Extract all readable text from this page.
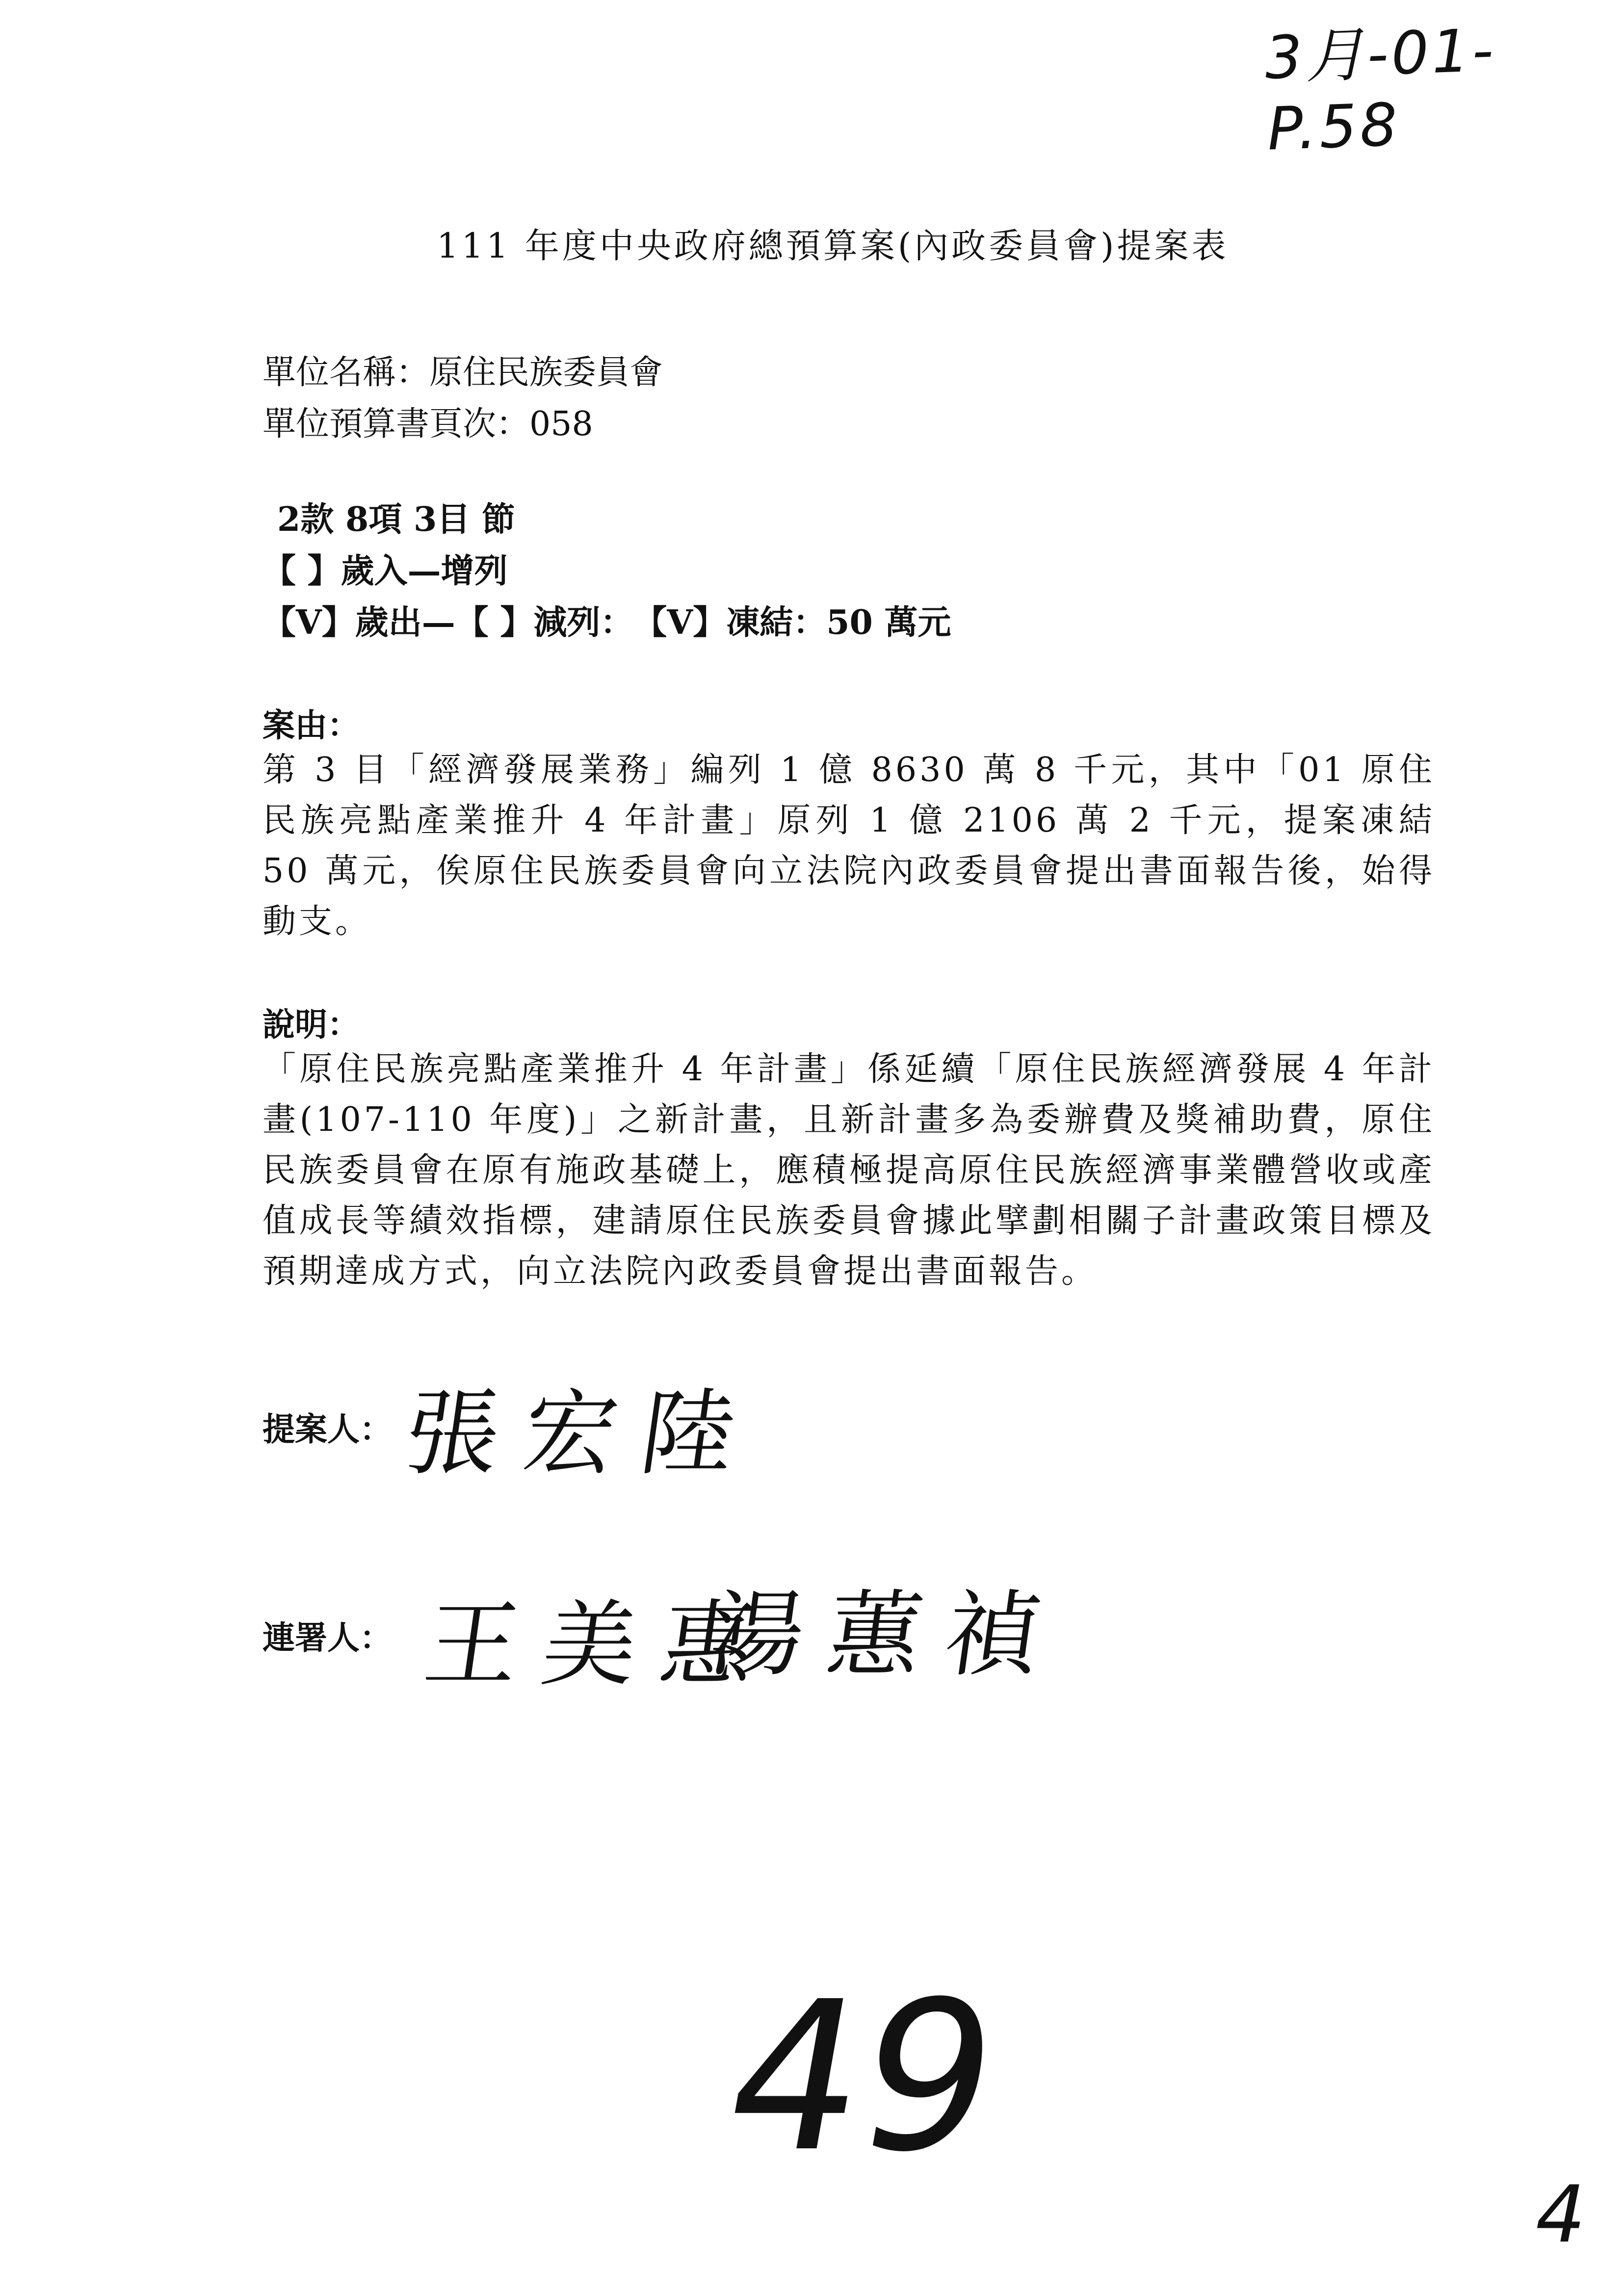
3月-01-P.58
111 年度中央政府總預算案(內政委員會)提案表
單位名稱：原住民族委員會
單位預算書頁次：058
2款 8項 3目 節
【 】歲入—增列
【V】歲出—【 】減列：　【V】凍結：50 萬元
案由：
第 3 目「經濟發展業務」編列 1 億 8630 萬 8 千元，其中「01 原住民族亮點產業推升 4 年計畫」原列 1 億 2106 萬 2 千元，提案凍結 50 萬元，俟原住民族委員會向立法院內政委員會提出書面報告後，始得動支。
說明：
「原住民族亮點產業推升 4 年計畫」係延續「原住民族經濟發展 4 年計畫(107-110 年度)」之新計畫，且新計畫多為委辦費及獎補助費，原住民族委員會在原有施政基礎上，應積極提高原住民族經濟事業體營收或產值成長等績效指標，建請原住民族委員會據此擘劃相關子計畫政策目標及預期達成方式，向立法院內政委員會提出書面報告。
提案人： 張宏陸
連署人： 王美惠
湯蕙禎
49
4
